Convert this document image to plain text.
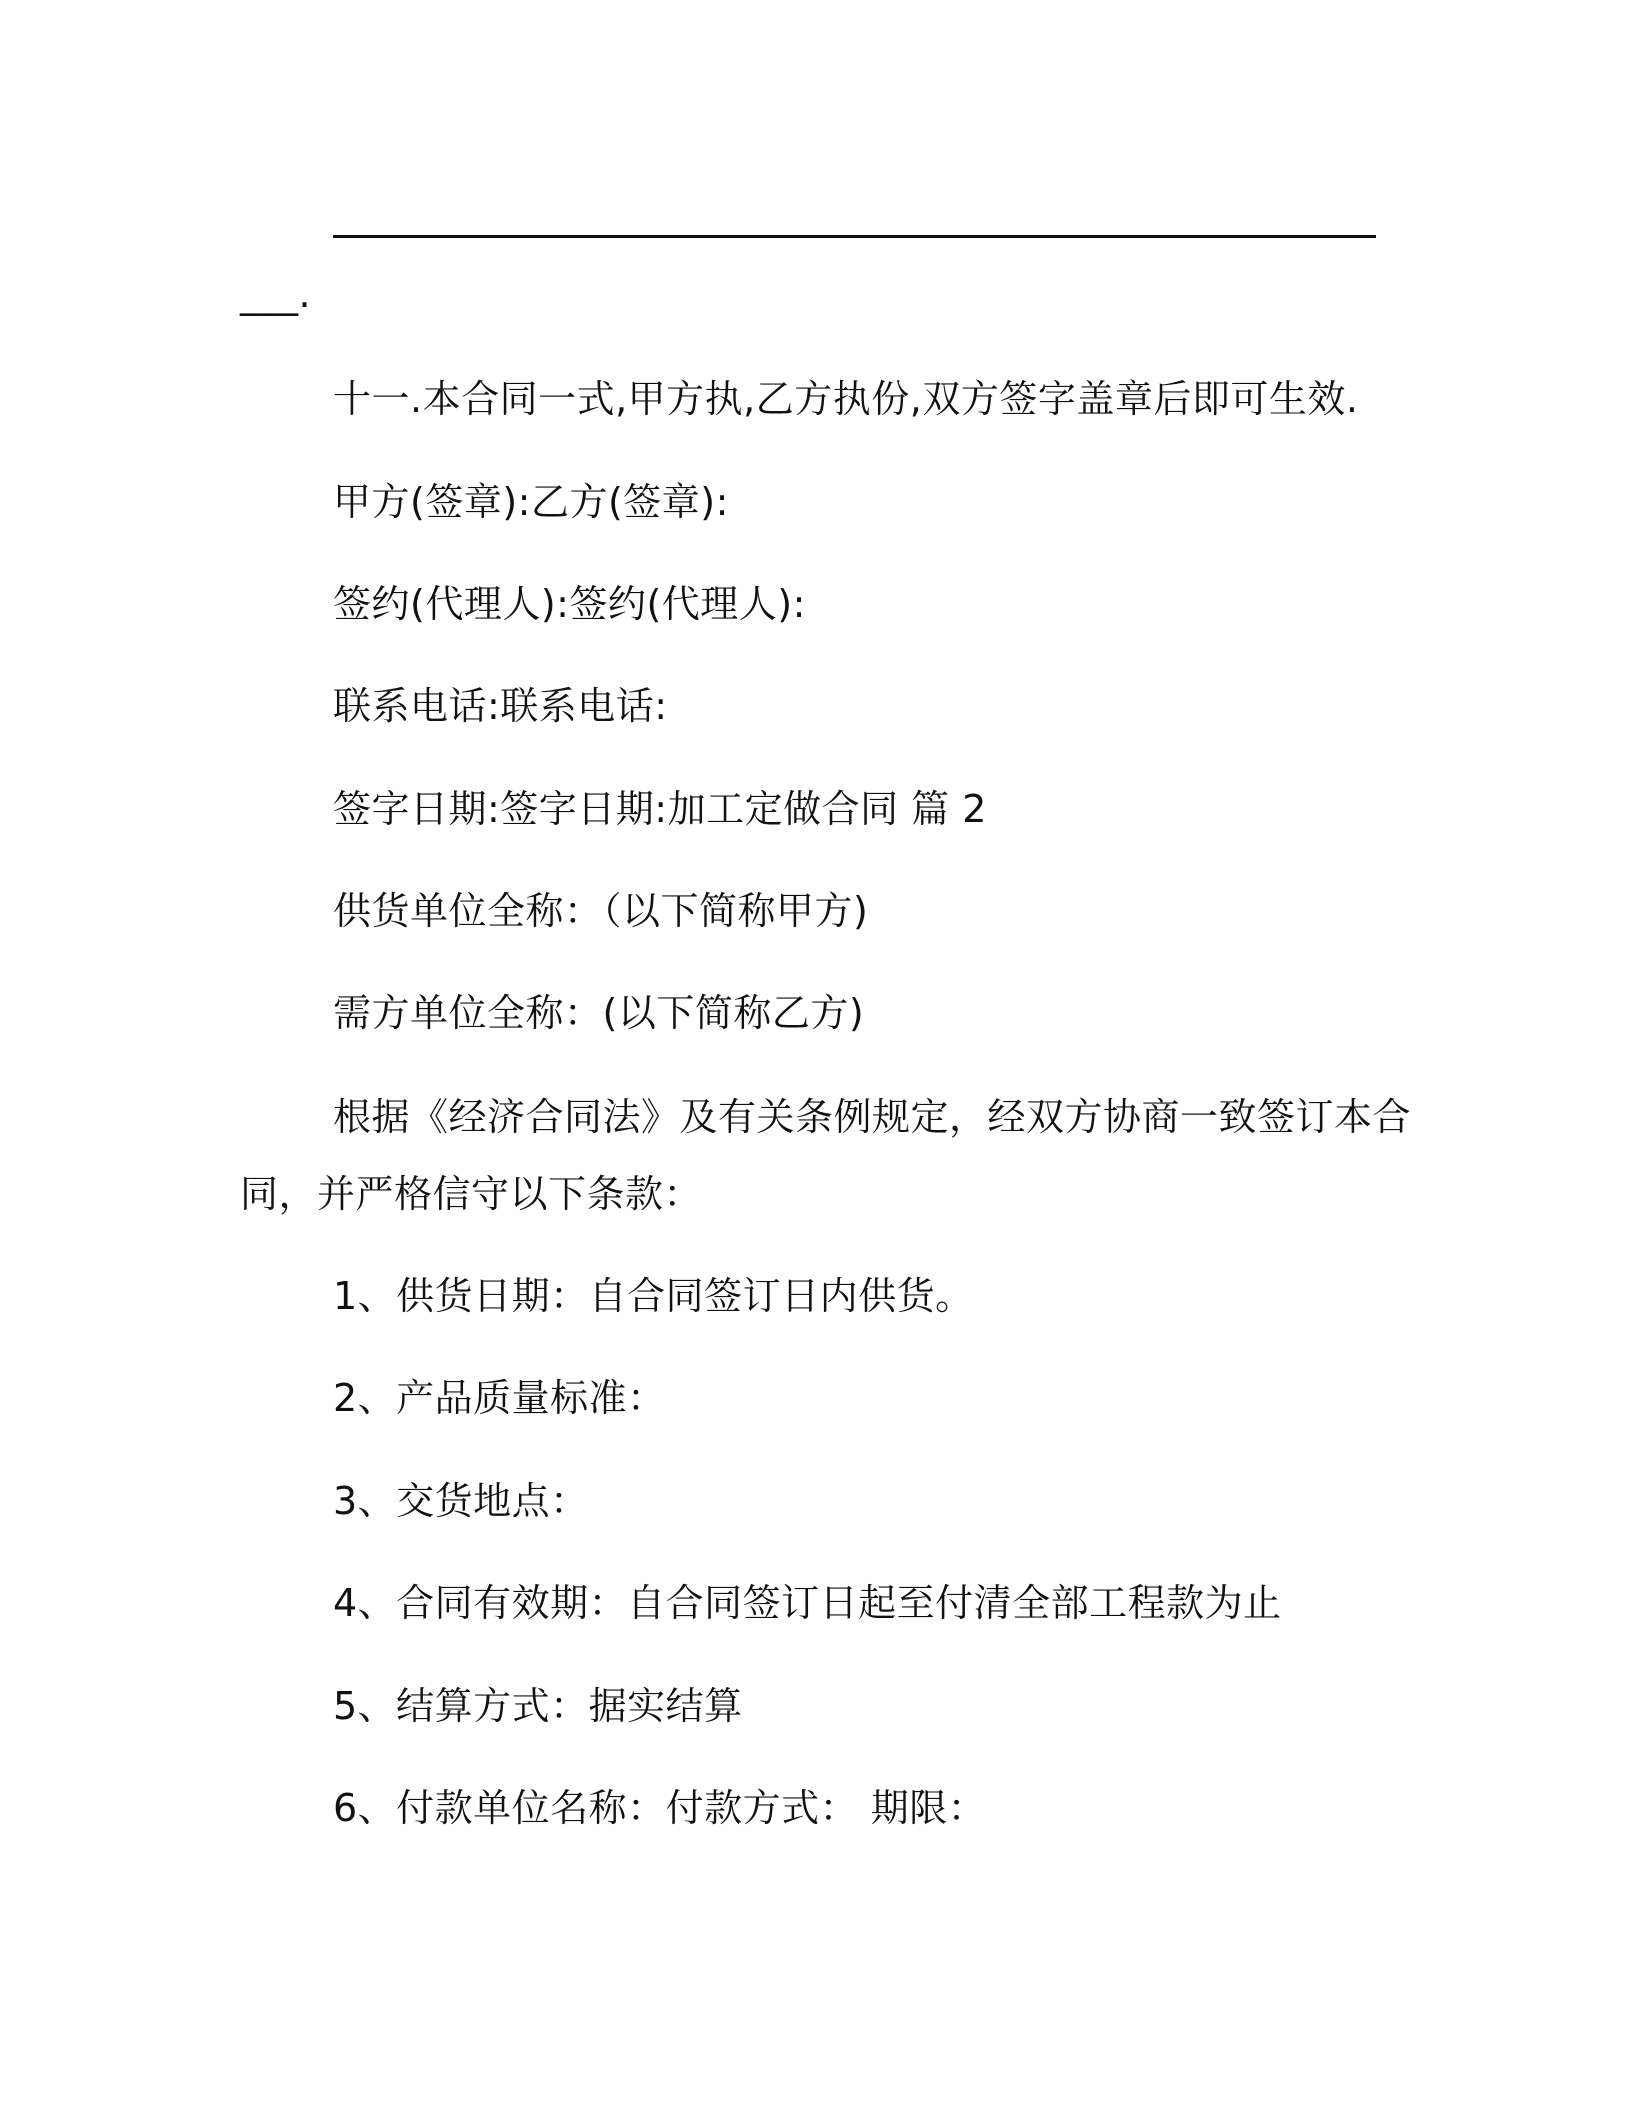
___.
十一.本合同一式,甲方执,乙方执份,双方签字盖章后即可生效.
甲方(签章):乙方(签章):
签约(代理人):签约(代理人):
联系电话:联系电话:
签字日期:签字日期:加工定做合同 篇 2
供货单位全称：（以下简称甲方)
需方单位全称：(以下简称乙方)
根据《经济合同法》及有关条例规定，经双方协商一致签订本合
同，并严格信守以下条款：
1、供货日期：自合同签订日内供货。
2、产品质量标准：
3、交货地点：
4、合同有效期：自合同签订日起至付清全部工程款为止
5、结算方式：据实结算
6、付款单位名称：付款方式： 期限：
